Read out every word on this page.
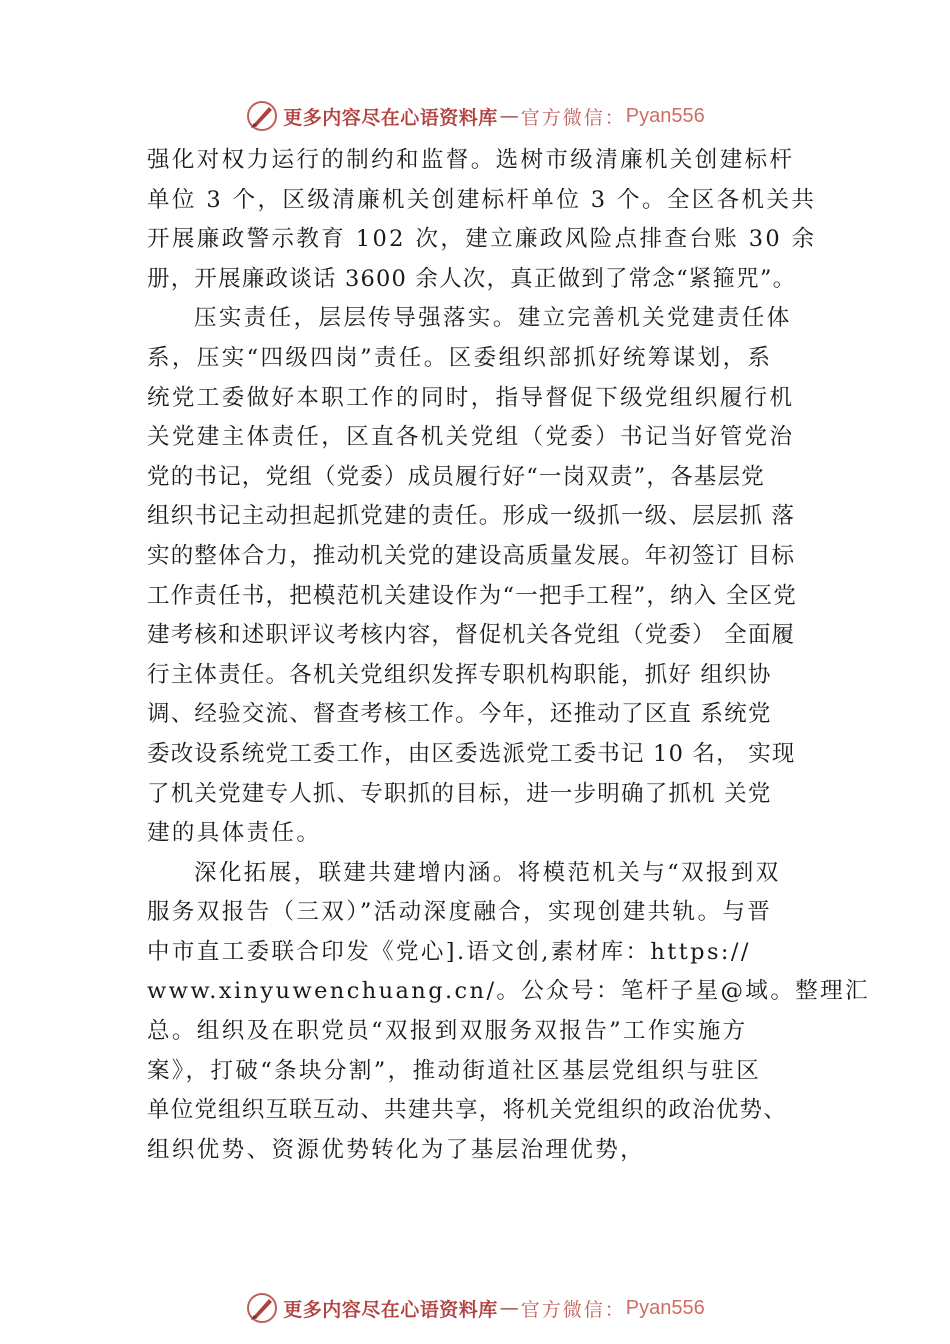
更多内容尽在心语资料库 — 官方微信： Pyan556
强化对权力运行的制约和监督。选树市级清廉机关创建标杆
单位 3 个，区级清廉机关创建标杆单位 3 个。全区各机关共
开展廉政警示教育 102 次，建立廉政风险点排查台账 30 余
册，开展廉政谈话 3600 余人次，真正做到了常念“紧箍咒”。
压实责任，层层传导强落实。建立完善机关党建责任体
系，压实“四级四岗”责任。区委组织部抓好统筹谋划，系
统党工委做好本职工作的同时，指导督促下级党组织履行机
关党建主体责任，区直各机关党组（党委）书记当好管党治
党的书记，党组（党委）成员履行好“一岗双责”，各基层党
组织书记主动担起抓党建的责任。形成一级抓一级、层层抓 落
实的整体合力，推动机关党的建设高质量发展。年初签订 目标
工作责任书，把模范机关建设作为“一把手工程”，纳入 全区党
建考核和述职评议考核内容，督促机关各党组（党委） 全面履
行主体责任。各机关党组织发挥专职机构职能，抓好 组织协
调、经验交流、督查考核工作。今年，还推动了区直 系统党
委改设系统党工委工作，由区委选派党工委书记 10 名， 实现
了机关党建专人抓、专职抓的目标，进一步明确了抓机 关党
建的具体责任。
深化拓展，联建共建增内涵。将模范机关与“双报到双
服务双报告（三双）”活动深度融合，实现创建共轨。与晋
中市直工委联合印发《党心].语文创,素材库：https://
www.xinyuwenchuang.cn/。公众号：笔杆子星@域。整理汇
总。组织及在职党员“双报到双服务双报告”工作实施方
案》，打破“条块分割”，推动街道社区基层党组织与驻区
单位党组织互联互动、共建共享，将机关党组织的政治优势、
组织优势、资源优势转化为了基层治理优势，
更多内容尽在心语资料库 — 官方微信： Pyan556
